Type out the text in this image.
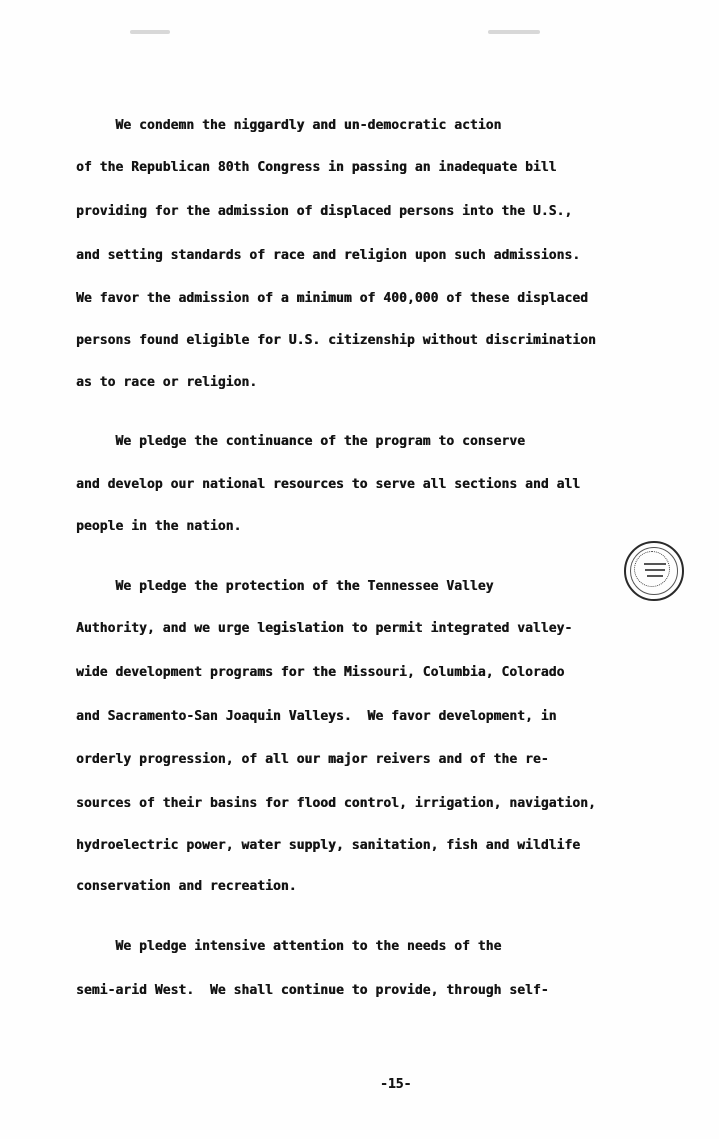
We condemn the niggardly and un-democratic action
of the Republican 80th Congress in passing an inadequate bill
providing for the admission of displaced persons into the U.S.,
and setting standards of race and religion upon such admissions.
We favor the admission of a minimum of 400,000 of these displaced
persons found eligible for U.S. citizenship without discrimination
as to race or religion.
We pledge the continuance of the program to conserve
and develop our national resources to serve all sections and all
people in the nation.
We pledge the protection of the Tennessee Valley
Authority, and we urge legislation to permit integrated valley-
wide development programs for the Missouri, Columbia, Colorado
and Sacramento-San Joaquin Valleys.  We favor development, in
orderly progression, of all our major reivers and of the re-
sources of their basins for flood control, irrigation, navigation,
hydroelectric power, water supply, sanitation, fish and wildlife
conservation and recreation.
We pledge intensive attention to the needs of the
semi-arid West.  We shall continue to provide, through self-
-15-
